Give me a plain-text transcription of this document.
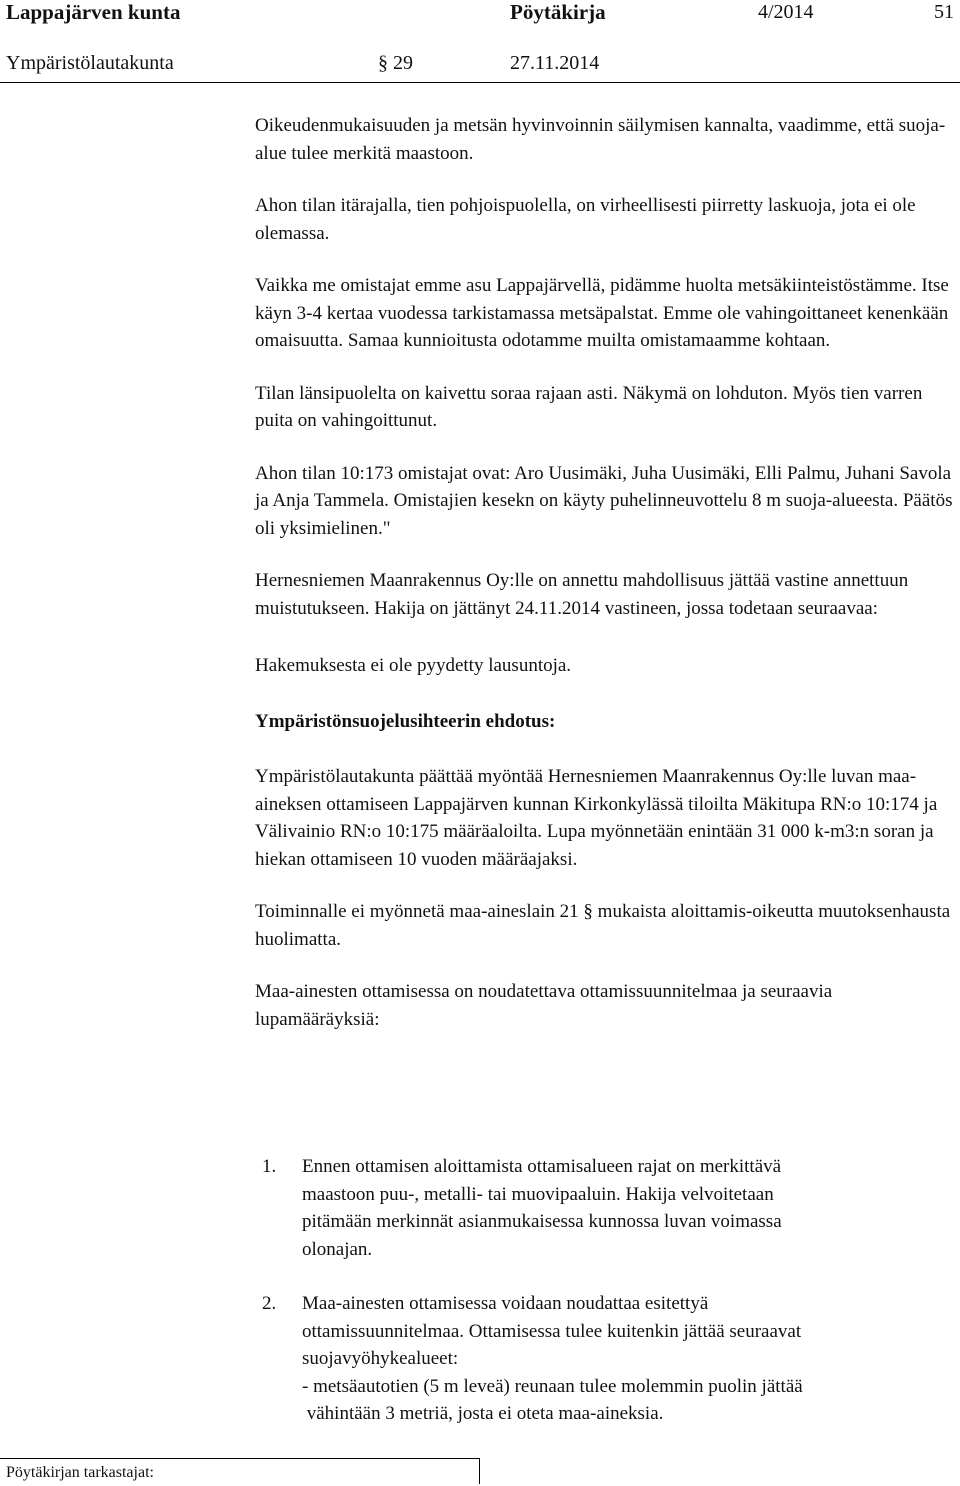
Lappajärven kunta	Pöytäkirja	4/2014	51
Ympäristölautakunta	§ 29	27.11.2014

Oikeudenmukaisuuden ja metsän hyvinvoinnin säilymisen kannalta, vaadimme, että suoja-alue tulee merkitä maastoon.

Ahon tilan itärajalla, tien pohjoispuolella, on virheellisesti piirretty laskuoja, jota ei ole olemassa.

Vaikka me omistajat emme asu Lappajärvellä, pidämme huolta metsäkiinteistöstämme. Itse käyn 3-4 kertaa vuodessa tarkistamassa metsäpalstat. Emme ole vahingoittaneet kenenkään omaisuutta. Samaa kunnioitusta odotamme muilta omistamaamme kohtaan.

Tilan länsipuolelta on kaivettu soraa rajaan asti. Näkymä on lohduton. Myös tien varren puita on vahingoittunut.

Ahon tilan 10:173 omistajat ovat: Aro Uusimäki, Juha Uusimäki, Elli Palmu, Juhani Savola ja Anja Tammela. Omistajien kesekn on käyty puhelinneuvottelu 8 m suoja-alueesta. Päätös oli yksimielinen."

Hernesniemen Maanrakennus Oy:lle on annettu mahdollisuus jättää vastine annettuun muistutukseen. Hakija on jättänyt 24.11.2014 vastineen, jossa todetaan seuraavaa:

Hakemuksesta ei ole pyydetty lausuntoja.

Ympäristönsuojelusihteerin ehdotus:

Ympäristölautakunta päättää myöntää Hernesniemen Maanrakennus Oy:lle luvan maa-aineksen ottamiseen Lappajärven kunnan Kirkonkylässä tiloilta Mäkitupa RN:o 10:174 ja Välivainio RN:o 10:175 määräaloilta. Lupa myönnetään enintään 31 000 k-m3:n soran ja hiekan ottamiseen 10 vuoden määräajaksi.

Toiminnalle ei myönnetä maa-aineslain 21 § mukaista aloittamis-oikeutta muutoksenhausta huolimatta.

Maa-ainesten ottamisessa on noudatettava ottamissuunnitelmaa ja seuraavia lupamääräyksiä:

1. Ennen ottamisen aloittamista ottamisalueen rajat on merkittävä
maastoon puu-, metalli- tai muovipaaluin. Hakija velvoitetaan
pitämään merkinnät asianmukaisessa kunnossa luvan voimassa
olonajan.
2. Maa-ainesten ottamisessa voidaan noudattaa esitettyä
ottamissuunnitelmaa. Ottamisessa tulee kuitenkin jättää seuraavat
suojavyöhykealueet:
- metsäautotien (5 m leveä) reunaan tulee molemmin puolin jättää
vähintään 3 metriä, josta ei oteta maa-aineksia.
Pöytäkirjan tarkastajat:
